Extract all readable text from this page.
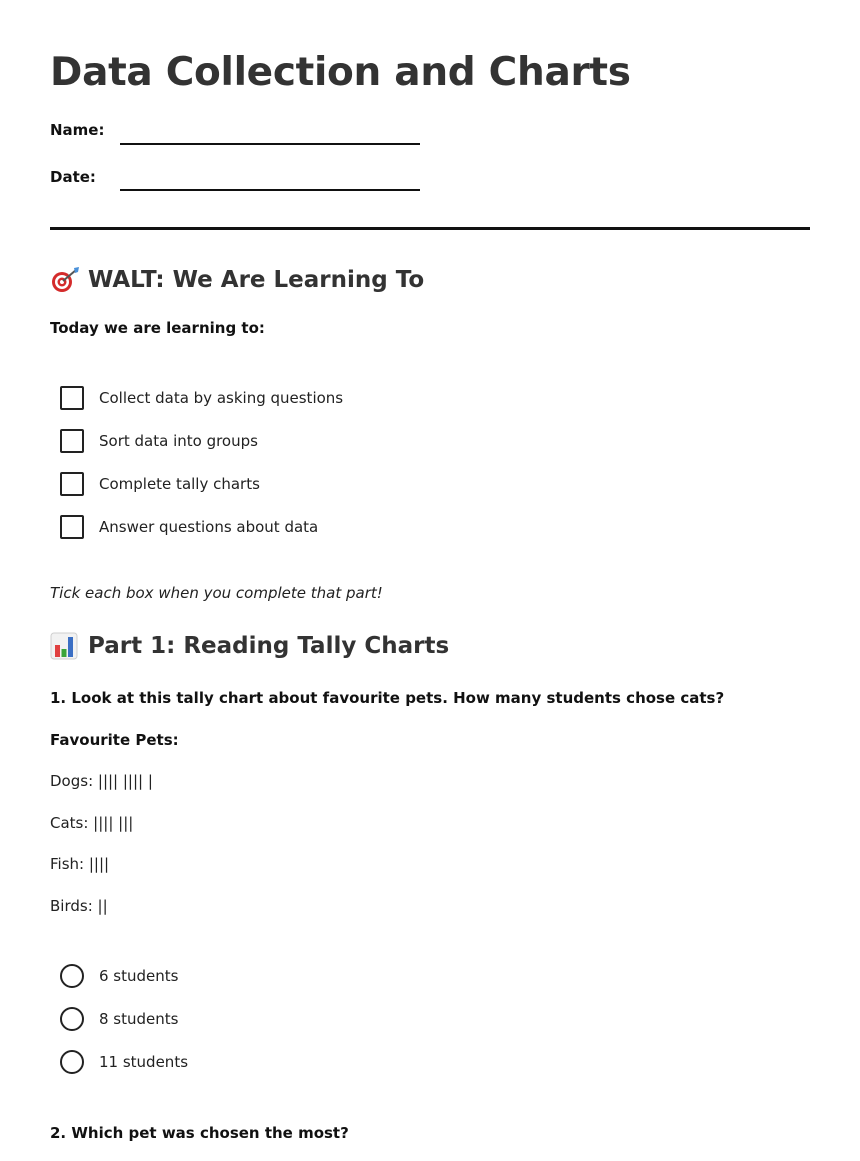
Data Collection and Charts
Name:
Date:
WALT: We Are Learning To
Today we are learning to:
Collect data by asking questions
Sort data into groups
Complete tally charts
Answer questions about data
Tick each box when you complete that part!
Part 1: Reading Tally Charts
1. Look at this tally chart about favourite pets. How many students chose cats?
Favourite Pets:
Dogs: |||| |||| |
Cats: |||| |||
Fish: ||||
Birds: ||
6 students
8 students
11 students
2. Which pet was chosen the most?
